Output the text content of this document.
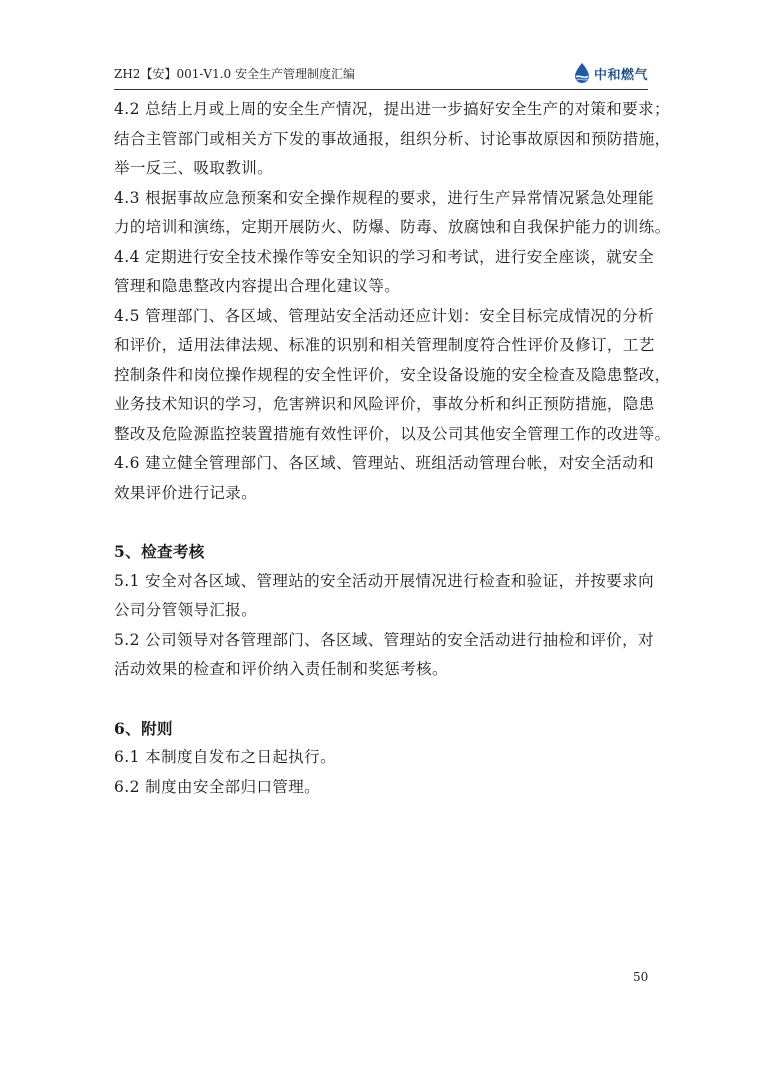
ZH2【安】001-V1.0 安全生产管理制度汇编	中和燃气
4.2 总结上月或上周的安全生产情况，提出进一步搞好安全生产的对策和要求；
结合主管部门或相关方下发的事故通报，组织分析、讨论事故原因和预防措施，
举一反三、吸取教训。
4.3 根据事故应急预案和安全操作规程的要求，进行生产异常情况紧急处理能
力的培训和演练，定期开展防火、防爆、防毒、放腐蚀和自我保护能力的训练。
4.4 定期进行安全技术操作等安全知识的学习和考试，进行安全座谈，就安全
管理和隐患整改内容提出合理化建议等。
4.5 管理部门、各区域、管理站安全活动还应计划：安全目标完成情况的分析
和评价，适用法律法规、标准的识别和相关管理制度符合性评价及修订，工艺
控制条件和岗位操作规程的安全性评价，安全设备设施的安全检查及隐患整改，
业务技术知识的学习，危害辨识和风险评价，事故分析和纠正预防措施，隐患
整改及危险源监控装置措施有效性评价，以及公司其他安全管理工作的改进等。
4.6 建立健全管理部门、各区域、管理站、班组活动管理台帐，对安全活动和
效果评价进行记录。
5、检查考核
5.1 安全对各区域、管理站的安全活动开展情况进行检查和验证，并按要求向
公司分管领导汇报。
5.2 公司领导对各管理部门、各区域、管理站的安全活动进行抽检和评价，对
活动效果的检查和评价纳入责任制和奖惩考核。
6、附则
6.1 本制度自发布之日起执行。
6.2 制度由安全部归口管理。
50
